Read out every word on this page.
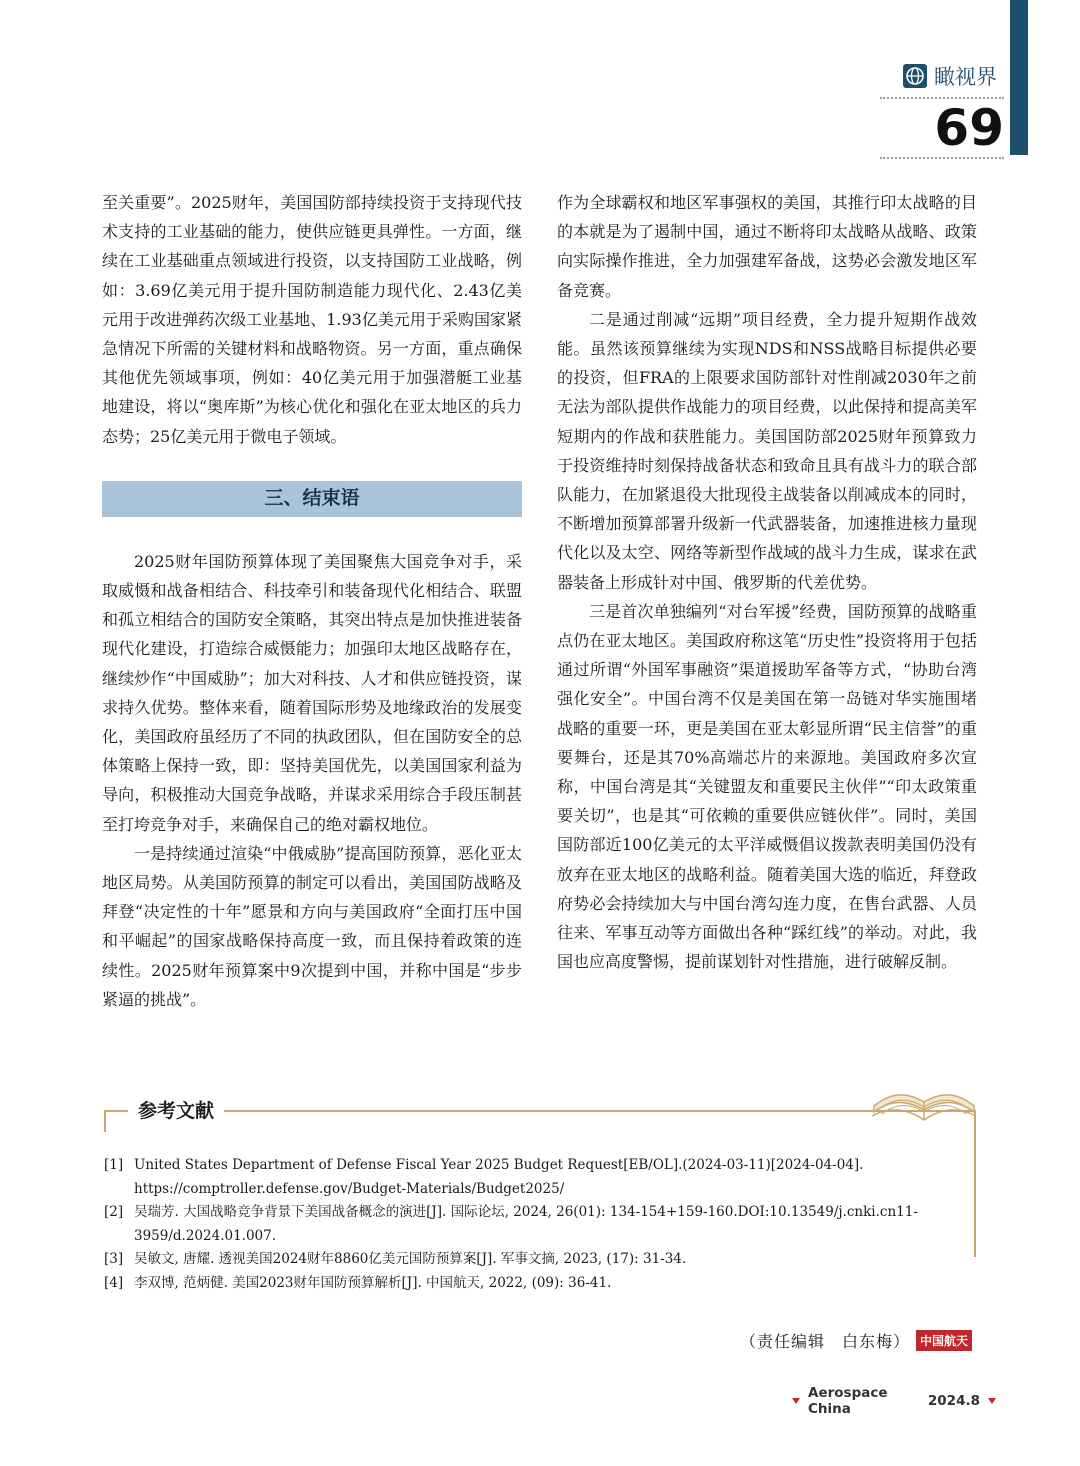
瞰视界
69

至关重要”。2025财年，美国国防部持续投资于支持现代技术支持的工业基础的能力，使供应链更具弹性。一方面，继续在工业基础重点领域进行投资，以支持国防工业战略，例如：3.69亿美元用于提升国防制造能力现代化、2.43亿美元用于改进弹药次级工业基地、1.93亿美元用于采购国家紧急情况下所需的关键材料和战略物资。另一方面，重点确保其他优先领域事项，例如：40亿美元用于加强潜艇工业基地建设，将以“奥库斯”为核心优化和强化在亚太地区的兵力态势；25亿美元用于微电子领域。

三、结束语

2025财年国防预算体现了美国聚焦大国竞争对手，采取威慑和战备相结合、科技牵引和装备现代化相结合、联盟和孤立相结合的国防安全策略，其突出特点是加快推进装备现代化建设，打造综合威慑能力；加强印太地区战略存在，继续炒作“中国威胁”；加大对科技、人才和供应链投资，谋求持久优势。整体来看，随着国际形势及地缘政治的发展变化，美国政府虽经历了不同的执政团队，但在国防安全的总体策略上保持一致，即：坚持美国优先，以美国国家利益为导向，积极推动大国竞争战略，并谋求采用综合手段压制甚至打垮竞争对手，来确保自己的绝对霸权地位。

一是持续通过渲染“中俄威胁”提高国防预算，恶化亚太地区局势。从美国防预算的制定可以看出，美国国防战略及拜登“决定性的十年”愿景和方向与美国政府“全面打压中国和平崛起”的国家战略保持高度一致，而且保持着政策的连续性。2025财年预算案中9次提到中国，并称中国是“步步紧逼的挑战”。

作为全球霸权和地区军事强权的美国，其推行印太战略的目的本就是为了遏制中国，通过不断将印太战略从战略、政策向实际操作推进，全力加强建军备战，这势必会激发地区军备竞赛。

二是通过削减“远期”项目经费，全力提升短期作战效能。虽然该预算继续为实现NDS和NSS战略目标提供必要的投资，但FRA的上限要求国防部针对性削减2030年之前无法为部队提供作战能力的项目经费，以此保持和提高美军短期内的作战和获胜能力。美国国防部2025财年预算致力于投资维持时刻保持战备状态和致命且具有战斗力的联合部队能力，在加紧退役大批现役主战装备以削减成本的同时，不断增加预算部署升级新一代武器装备，加速推进核力量现代化以及太空、网络等新型作战域的战斗力生成，谋求在武器装备上形成针对中国、俄罗斯的代差优势。

三是首次单独编列“对台军援”经费，国防预算的战略重点仍在亚太地区。美国政府称这笔“历史性”投资将用于包括通过所谓“外国军事融资”渠道援助军备等方式，“协助台湾强化安全”。中国台湾不仅是美国在第一岛链对华实施围堵战略的重要一环，更是美国在亚太彰显所谓“民主信誉”的重要舞台，还是其70%高端芯片的来源地。美国政府多次宣称，中国台湾是其“关键盟友和重要民主伙伴”“印太政策重要关切”，也是其“可依赖的重要供应链伙伴”。同时，美国国防部近100亿美元的太平洋威慑倡议拨款表明美国仍没有放弃在亚太地区的战略利益。随着美国大选的临近，拜登政府势必会持续加大与中国台湾勾连力度，在售台武器、人员往来、军事互动等方面做出各种“踩红线”的举动。对此，我国也应高度警惕，提前谋划针对性措施，进行破解反制。

参考文献
[1] United States Department of Defense Fiscal Year 2025 Budget Request[EB/OL].(2024-03-11)[2024-04-04]. https://comptroller.defense.gov/Budget-Materials/Budget2025/
[2] 吴瑞芳. 大国战略竞争背景下美国战备概念的演进[J]. 国际论坛, 2024, 26(01): 134-154+159-160.DOI:10.13549/j.cnki.cn11-3959/d.2024.01.007.
[3] 吴敏文, 唐耀. 透视美国2024财年8860亿美元国防预算案[J]. 军事文摘, 2023, (17): 31-34.
[4] 李双博, 范炳健. 美国2023财年国防预算解析[J]. 中国航天, 2022, (09): 36-41.
（责任编辑　白东梅） 中国航天
Aerospace China	2024.8
